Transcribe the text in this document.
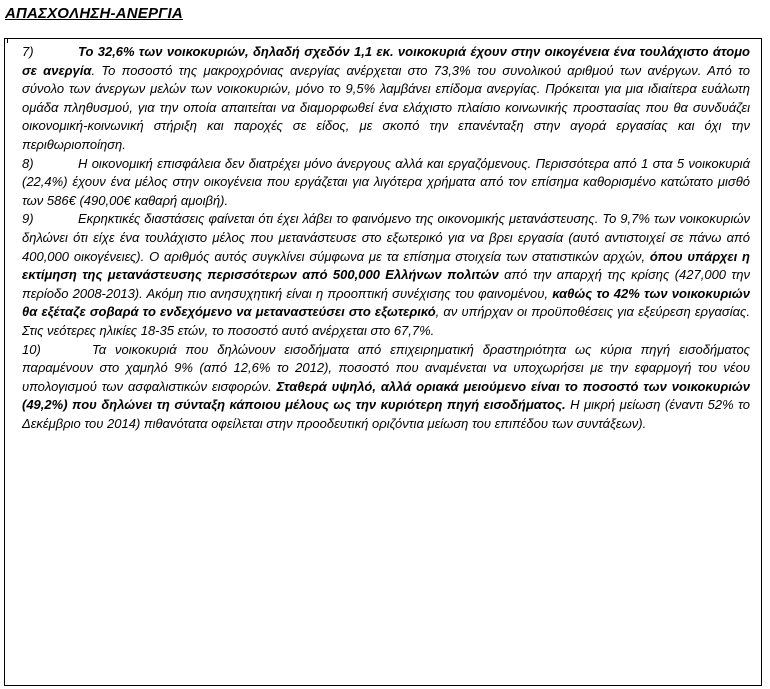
ΑΠΑΣΧΟΛΗΣΗ-ΑΝΕΡΓΙΑ

7)	Το 32,6% των νοικοκυριών, δηλαδή σχεδόν 1,1 εκ. νοικοκυριά έχουν στην οικογένεια ένα τουλάχιστο άτομο σε ανεργία. Το ποσοστό της μακροχρόνιας ανεργίας ανέρχεται στο 73,3% του συνολικού αριθμού των ανέργων. Από το σύνολο των άνεργων μελών των νοικοκυριών, μόνο το 9,5% λαμβάνει επίδομα ανεργίας. Πρόκειται για μια ιδιαίτερα ευάλωτη ομάδα πληθυσμού, για την οποία απαιτείται να διαμορφωθεί ένα ελάχιστο πλαίσιο κοινωνικής προστασίας που θα συνδυάζει οικονομική-κοινωνική στήριξη και παροχές σε είδος, με σκοπό την επανένταξη στην αγορά εργασίας και όχι την περιθωριοποίηση.

8)	Η οικονομική επισφάλεια δεν διατρέχει μόνο άνεργους αλλά και εργαζόμενους. Περισσότερα από 1 στα 5 νοικοκυριά (22,4%) έχουν ένα μέλος στην οικογένεια που εργάζεται για λιγότερα χρήματα από τον επίσημα καθορισμένο κατώτατο μισθό των 586€ (490,00€ καθαρή αμοιβή).

9)	Εκρηκτικές διαστάσεις φαίνεται ότι έχει λάβει το φαινόμενο της οικονομικής μετανάστευσης. Το 9,7% των νοικοκυριών δηλώνει ότι είχε ένα τουλάχιστο μέλος που μετανάστευσε στο εξωτερικό για να βρει εργασία (αυτό αντιστοιχεί σε πάνω από 400,000 οικογένειες). Ο αριθμός αυτός συγκλίνει σύμφωνα με τα επίσημα στοιχεία των στατιστικών αρχών, όπου υπάρχει η εκτίμηση της μετανάστευσης περισσότερων από 500,000 Ελλήνων πολιτών από την απαρχή της κρίσης (427,000 την περίοδο 2008-2013). Ακόμη πιο ανησυχητική είναι η προοπτική συνέχισης του φαινομένου, καθώς το 42% των νοικοκυριών θα εξέταζε σοβαρά το ενδεχόμενο να μεταναστεύσει στο εξωτερικό, αν υπήρχαν οι προϋποθέσεις για εξεύρεση εργασίας. Στις νεότερες ηλικίες 18-35 ετών, το ποσοστό αυτό ανέρχεται στο 67,7%.

10)	Τα νοικοκυριά που δηλώνουν εισοδήματα από επιχειρηματική δραστηριότητα ως κύρια πηγή εισοδήματος παραμένουν στο χαμηλό 9% (από 12,6% το 2012), ποσοστό που αναμένεται να υποχωρήσει με την εφαρμογή του νέου υπολογισμού των ασφαλιστικών εισφορών. Σταθερά υψηλό, αλλά οριακά μειούμενο είναι το ποσοστό των νοικοκυριών (49,2%) που δηλώνει τη σύνταξη κάποιου μέλους ως την κυριότερη πηγή εισοδήματος. Η μικρή μείωση (έναντι 52% το Δεκέμβριο του 2014) πιθανότατα οφείλεται στην προοδευτική οριζόντια μείωση του επιπέδου των συντάξεων).
